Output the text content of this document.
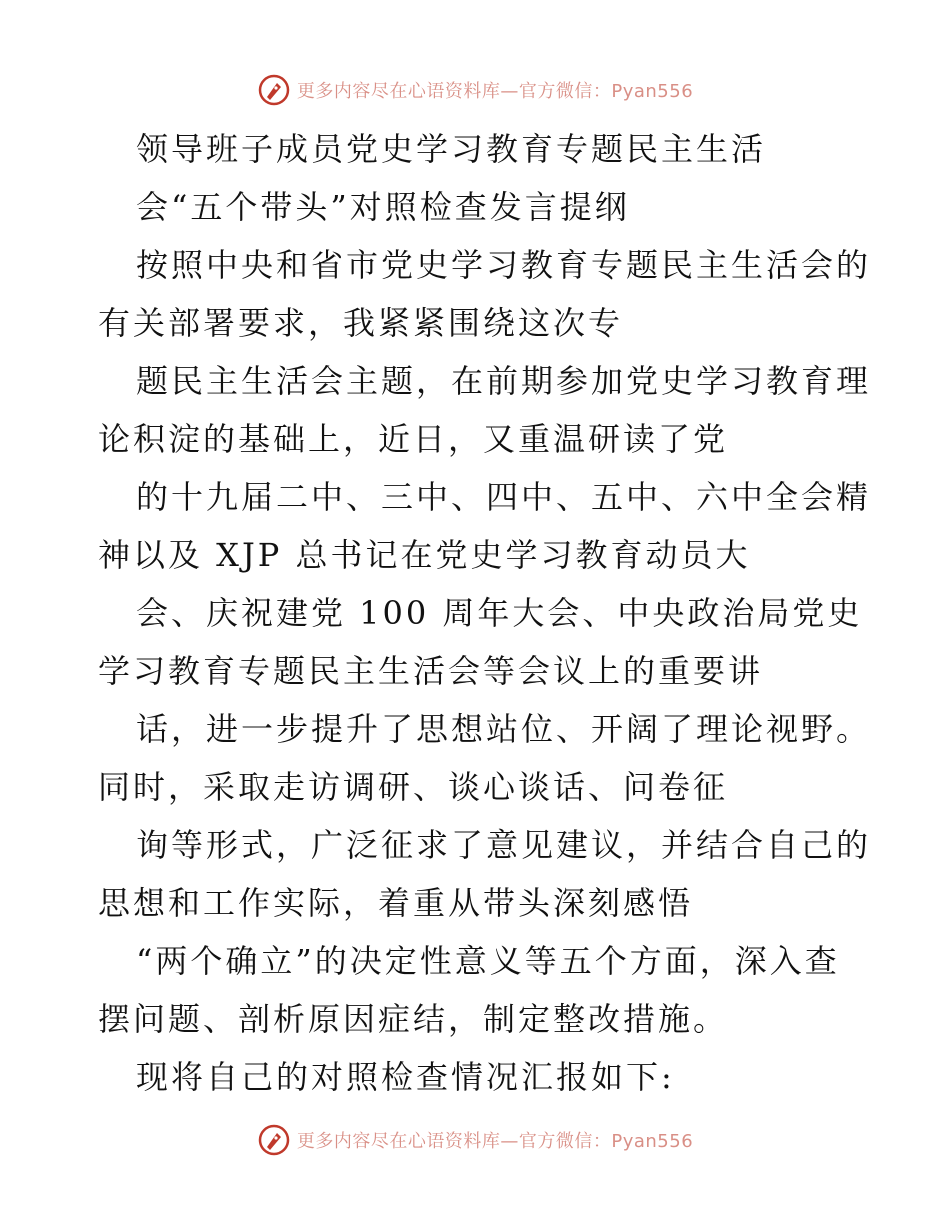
更多内容尽在心语资料库—官方微信：Pyan556
领导班子成员党史学习教育专题民主生活
会“五个带头”对照检查发言提纲
按照中央和省市党史学习教育专题民主生活会的
有关部署要求，我紧紧围绕这次专
题民主生活会主题，在前期参加党史学习教育理
论积淀的基础上，近日，又重温研读了党
的十九届二中、三中、四中、五中、六中全会精
神以及 XJP 总书记在党史学习教育动员大
会、庆祝建党 100 周年大会、中央政治局党史
学习教育专题民主生活会等会议上的重要讲
话，进一步提升了思想站位、开阔了理论视野。
同时，采取走访调研、谈心谈话、问卷征
询等形式，广泛征求了意见建议，并结合自己的
思想和工作实际，着重从带头深刻感悟
“两个确立”的决定性意义等五个方面，深入查
摆问题、剖析原因症结，制定整改措施。
现将自己的对照检查情况汇报如下:
更多内容尽在心语资料库—官方微信：Pyan556
